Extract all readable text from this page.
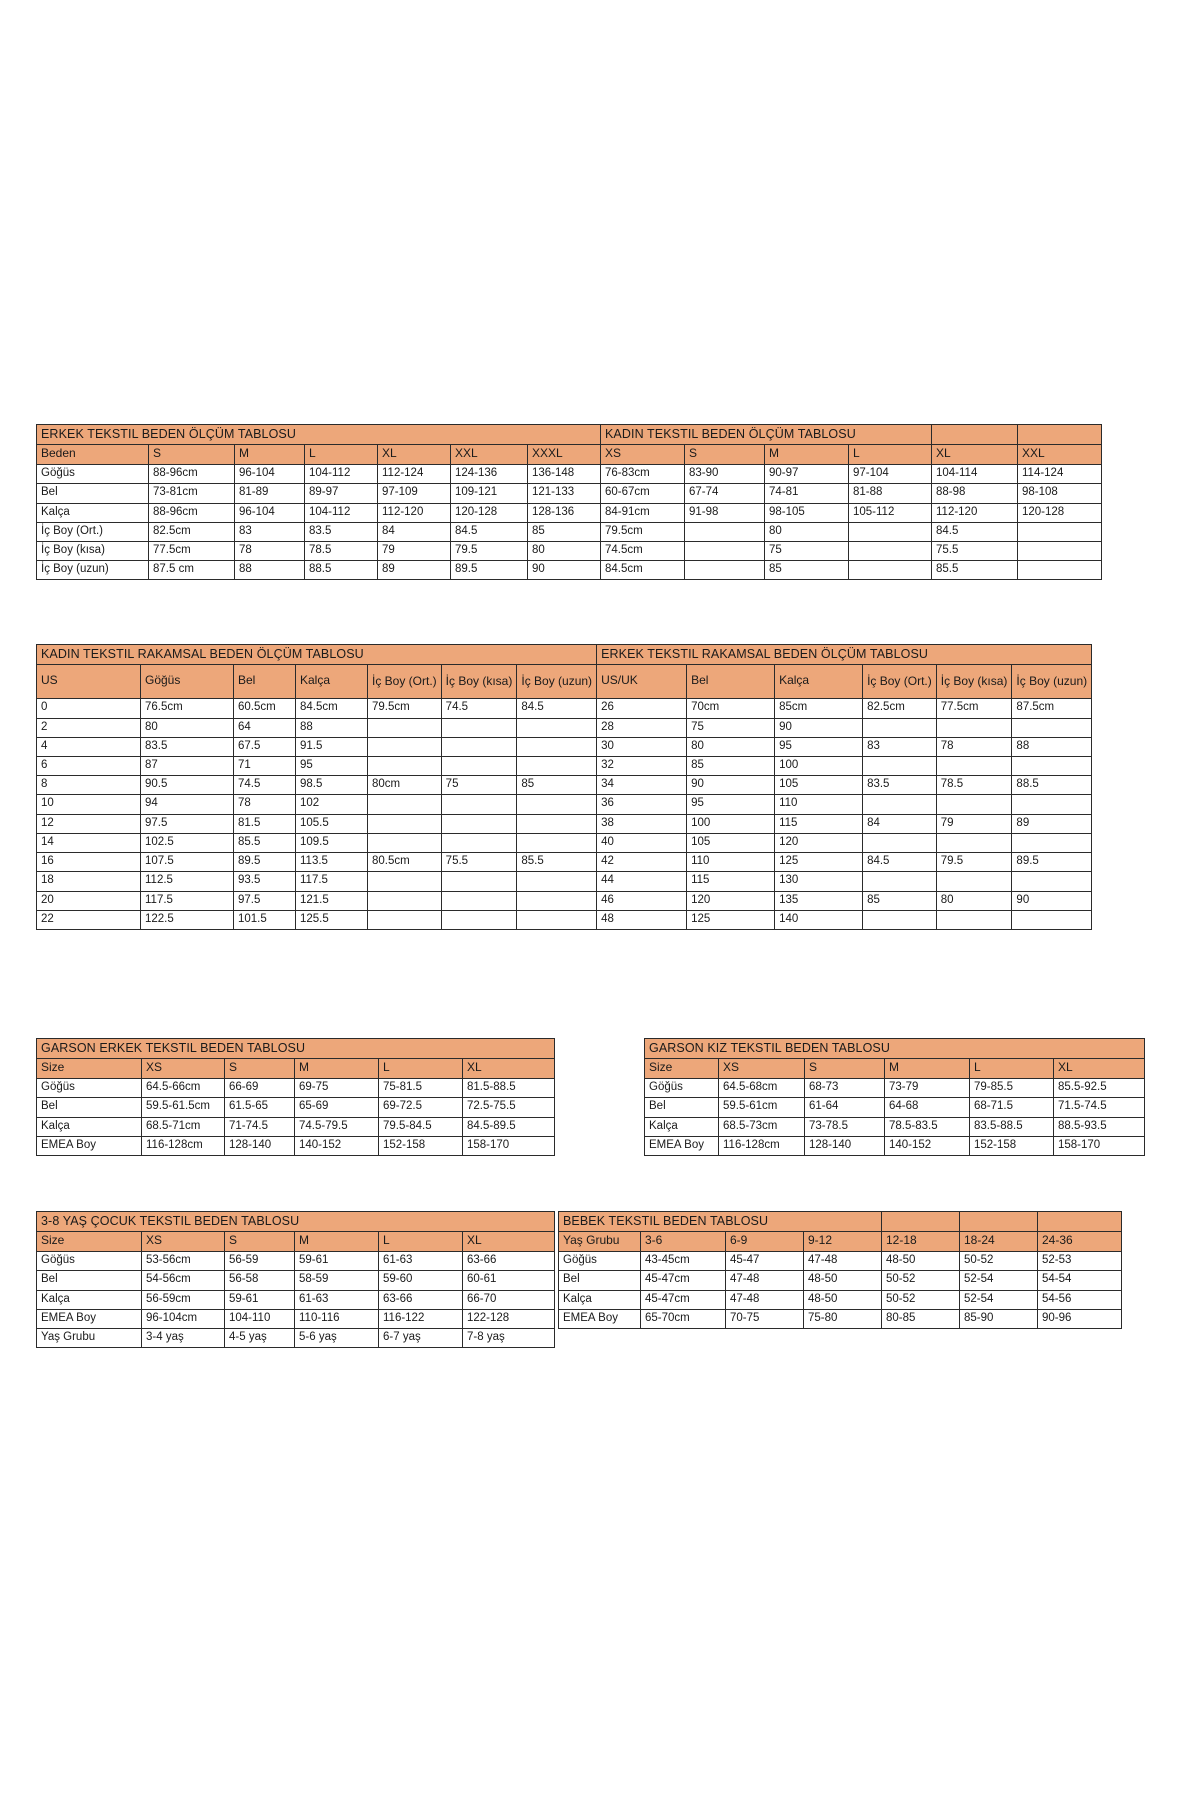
ERKEK TEKSTIL BEDEN ÖLÇÜM TABLOSU							KADIN TEKSTIL BEDEN ÖLÇÜM TABLOSU					
Beden	S	M	L	XL	XXL	XXXL	XS	S	M	L	XL	XXL
Göğüs	88-96cm	96-104	104-112	112-124	124-136	136-148	76-83cm	83-90	90-97	97-104	104-114	114-124
Bel	73-81cm	81-89	89-97	97-109	109-121	121-133	60-67cm	67-74	74-81	81-88	88-98	98-108
Kalça	88-96cm	96-104	104-112	112-120	120-128	128-136	84-91cm	91-98	98-105	105-112	112-120	120-128
İç Boy (Ort.)	82.5cm	83	83.5	84	84.5	85	79.5cm		80		84.5	
İç Boy (kısa)	77.5cm	78	78.5	79	79.5	80	74.5cm		75		75.5	
İç Boy (uzun)	87.5 cm	88	88.5	89	89.5	90	84.5cm		85		85.5	
KADIN TEKSTIL RAKAMSAL BEDEN ÖLÇÜM TABLOSU							ERKEK TEKSTIL RAKAMSAL BEDEN ÖLÇÜM TABLOSU					
US	Göğüs	Bel	Kalça	İç Boy (Ort.)	İç Boy (kısa)	İç Boy (uzun)	US/UK	Bel	Kalça	İç Boy (Ort.)	İç Boy (kısa)	İç Boy (uzun)
0	76.5cm	60.5cm	84.5cm	79.5cm	74.5	84.5	26	70cm	85cm	82.5cm	77.5cm	87.5cm
2	80	64	88				28	75	90			
4	83.5	67.5	91.5				30	80	95	83	78	88
6	87	71	95				32	85	100			
8	90.5	74.5	98.5	80cm	75	85	34	90	105	83.5	78.5	88.5
10	94	78	102				36	95	110			
12	97.5	81.5	105.5				38	100	115	84	79	89
14	102.5	85.5	109.5				40	105	120			
16	107.5	89.5	113.5	80.5cm	75.5	85.5	42	110	125	84.5	79.5	89.5
18	112.5	93.5	117.5				44	115	130			
20	117.5	97.5	121.5				46	120	135	85	80	90
22	122.5	101.5	125.5				48	125	140			
GARSON ERKEK TEKSTIL BEDEN TABLOSU					
Size	XS	S	M	L	XL
Göğüs	64.5-66cm	66-69	69-75	75-81.5	81.5-88.5
Bel	59.5-61.5cm	61.5-65	65-69	69-72.5	72.5-75.5
Kalça	68.5-71cm	71-74.5	74.5-79.5	79.5-84.5	84.5-89.5
EMEA Boy	116-128cm	128-140	140-152	152-158	158-170
GARSON KIZ TEKSTIL BEDEN TABLOSU					
Size	XS	S	M	L	XL
Göğüs	64.5-68cm	68-73	73-79	79-85.5	85.5-92.5
Bel	59.5-61cm	61-64	64-68	68-71.5	71.5-74.5
Kalça	68.5-73cm	73-78.5	78.5-83.5	83.5-88.5	88.5-93.5
EMEA Boy	116-128cm	128-140	140-152	152-158	158-170
3-8 YAŞ ÇOCUK TEKSTIL BEDEN TABLOSU					
Size	XS	S	M	L	XL
Göğüs	53-56cm	56-59	59-61	61-63	63-66
Bel	54-56cm	56-58	58-59	59-60	60-61
Kalça	56-59cm	59-61	61-63	63-66	66-70
EMEA Boy	96-104cm	104-110	110-116	116-122	122-128
Yaş Grubu	3-4 yaş	4-5 yaş	5-6 yaş	6-7 yaş	7-8 yaş
BEBEK TEKSTIL BEDEN TABLOSU						
Yaş Grubu	3-6	6-9	9-12	12-18	18-24	24-36
Göğüs	43-45cm	45-47	47-48	48-50	50-52	52-53
Bel	45-47cm	47-48	48-50	50-52	52-54	54-54
Kalça	45-47cm	47-48	48-50	50-52	52-54	54-56
EMEA Boy	65-70cm	70-75	75-80	80-85	85-90	90-96
